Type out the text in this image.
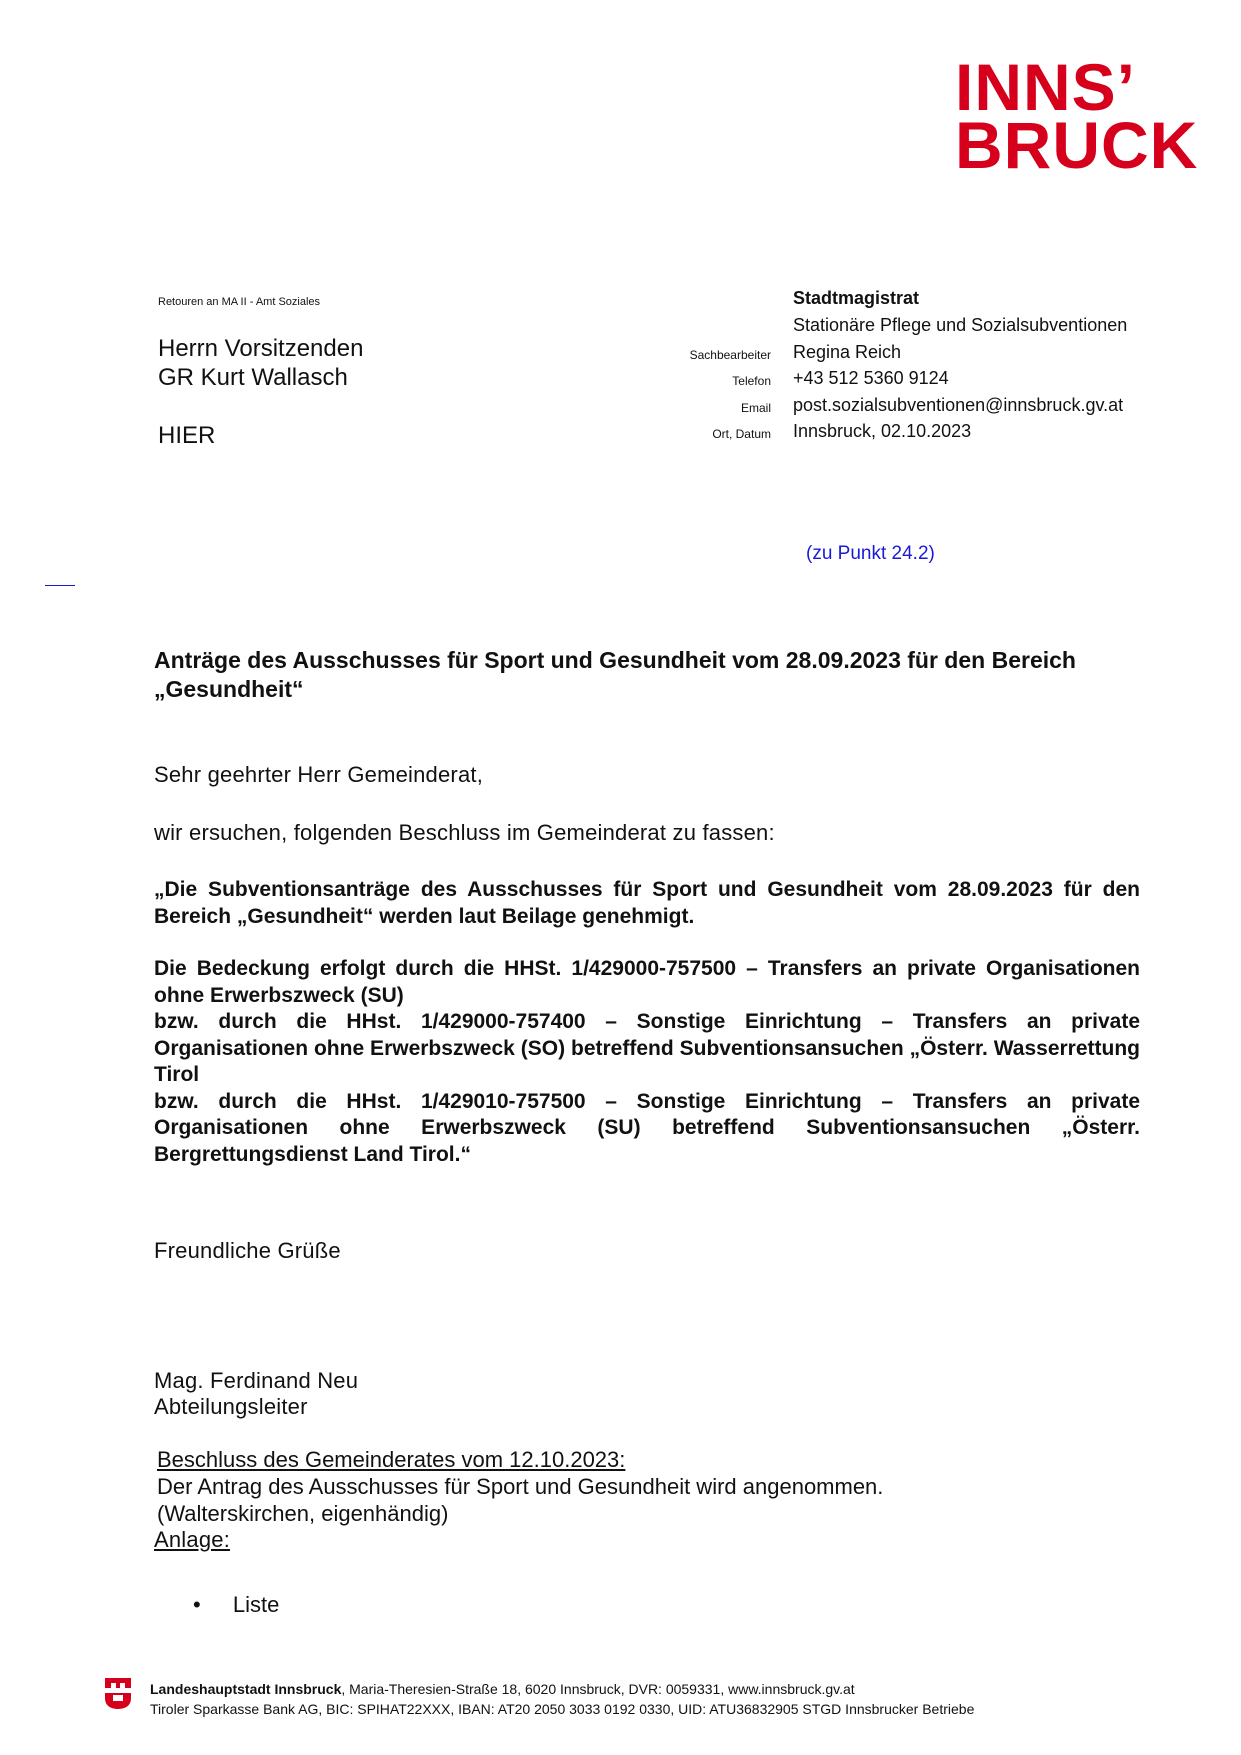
INNS’
BRUCK
Retouren an MA II - Amt Soziales
Herrn Vorsitzenden
GR Kurt Wallasch
HIER
Stadtmagistrat
Stationäre Pflege und Sozialsubventionen
Sachbearbeiter Regina Reich
Telefon +43 512 5360 9124
Email post.sozialsubventionen@innsbruck.gv.at
Ort, Datum Innsbruck, 02.10.2023
(zu Punkt 24.2)
Anträge des Ausschusses für Sport und Gesundheit vom 28.09.2023 für den Bereich
„Gesundheit“
Sehr geehrter Herr Gemeinderat,
wir ersuchen, folgenden Beschluss im Gemeinderat zu fassen:

„Die Subventionsanträge des Ausschusses für Sport und Gesundheit vom 28.09.2023 für den Bereich „Gesundheit“ werden laut Beilage genehmigt.

Die Bedeckung erfolgt durch die HHSt. 1/429000-757500 – Transfers an private Organisationen ohne Erwerbszweck (SU)

bzw. durch die HHst. 1/429000-757400 – Sonstige Einrichtung – Transfers an private Organisationen ohne Erwerbszweck (SO) betreffend Subventionsansuchen „Österr. Wasserrettung Tirol

bzw. durch die HHst. 1/429010-757500 – Sonstige Einrichtung – Transfers an private Organisationen ohne Erwerbszweck (SU) betreffend Subventionsansuchen „Österr. Bergrettungsdienst Land Tirol.“

Freundliche Grüße
Mag. Ferdinand Neu
Abteilungsleiter
Beschluss des Gemeinderates vom 12.10.2023:
Der Antrag des Ausschusses für Sport und Gesundheit wird angenommen.
(Walterskirchen, eigenhändig)
Anlage:
• Liste
Landeshauptstadt Innsbruck, Maria-Theresien-Straße 18, 6020 Innsbruck, DVR: 0059331, www.innsbruck.gv.at
Tiroler Sparkasse Bank AG, BIC: SPIHAT22XXX, IBAN: AT20 2050 3033 0192 0330, UID: ATU36832905 STGD Innsbrucker Betriebe
